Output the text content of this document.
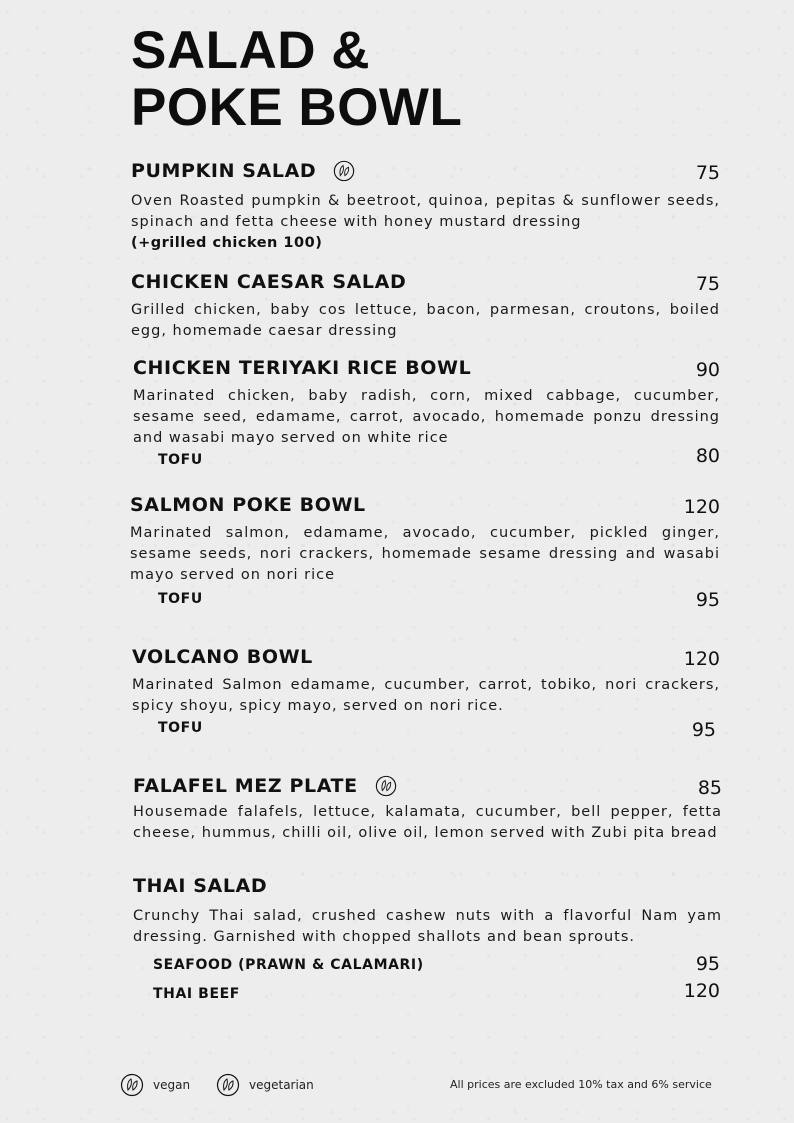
SALAD &
POKE BOWL
PUMPKIN SALAD	75

Oven Roasted pumpkin & beetroot, quinoa, pepitas & sunflower seeds, spinach and fetta cheese with honey mustard dressing

(+grilled chicken 100)
CHICKEN CAESAR SALAD	75

Grilled chicken, baby cos lettuce, bacon, parmesan, croutons, boiled egg, homemade caesar dressing

CHICKEN TERIYAKI RICE BOWL	90

Marinated chicken, baby radish, corn, mixed cabbage, cucumber, sesame seed, edamame, carrot, avocado, homemade ponzu dressing and wasabi mayo served on white rice

TOFU	80
SALMON POKE BOWL	120

Marinated salmon, edamame, avocado, cucumber, pickled ginger, sesame seeds, nori crackers, homemade sesame dressing and wasabi mayo served on nori rice

TOFU	95
VOLCANO BOWL	120

Marinated Salmon edamame, cucumber, carrot, tobiko, nori crackers, spicy shoyu, spicy mayo, served on nori rice.

TOFU	95
FALAFEL MEZ PLATE	85

Housemade falafels, lettuce, kalamata, cucumber, bell pepper, fetta cheese, hummus, chilli oil, olive oil, lemon served with Zubi pita bread

THAI SALAD

Crunchy Thai salad, crushed cashew nuts with a flavorful Nam yam dressing. Garnished with chopped shallots and bean sprouts.

SEAFOOD (PRAWN & CALAMARI)	95
THAI BEEF	120
vegan	vegetarian	All prices are excluded 10% tax and 6% service
